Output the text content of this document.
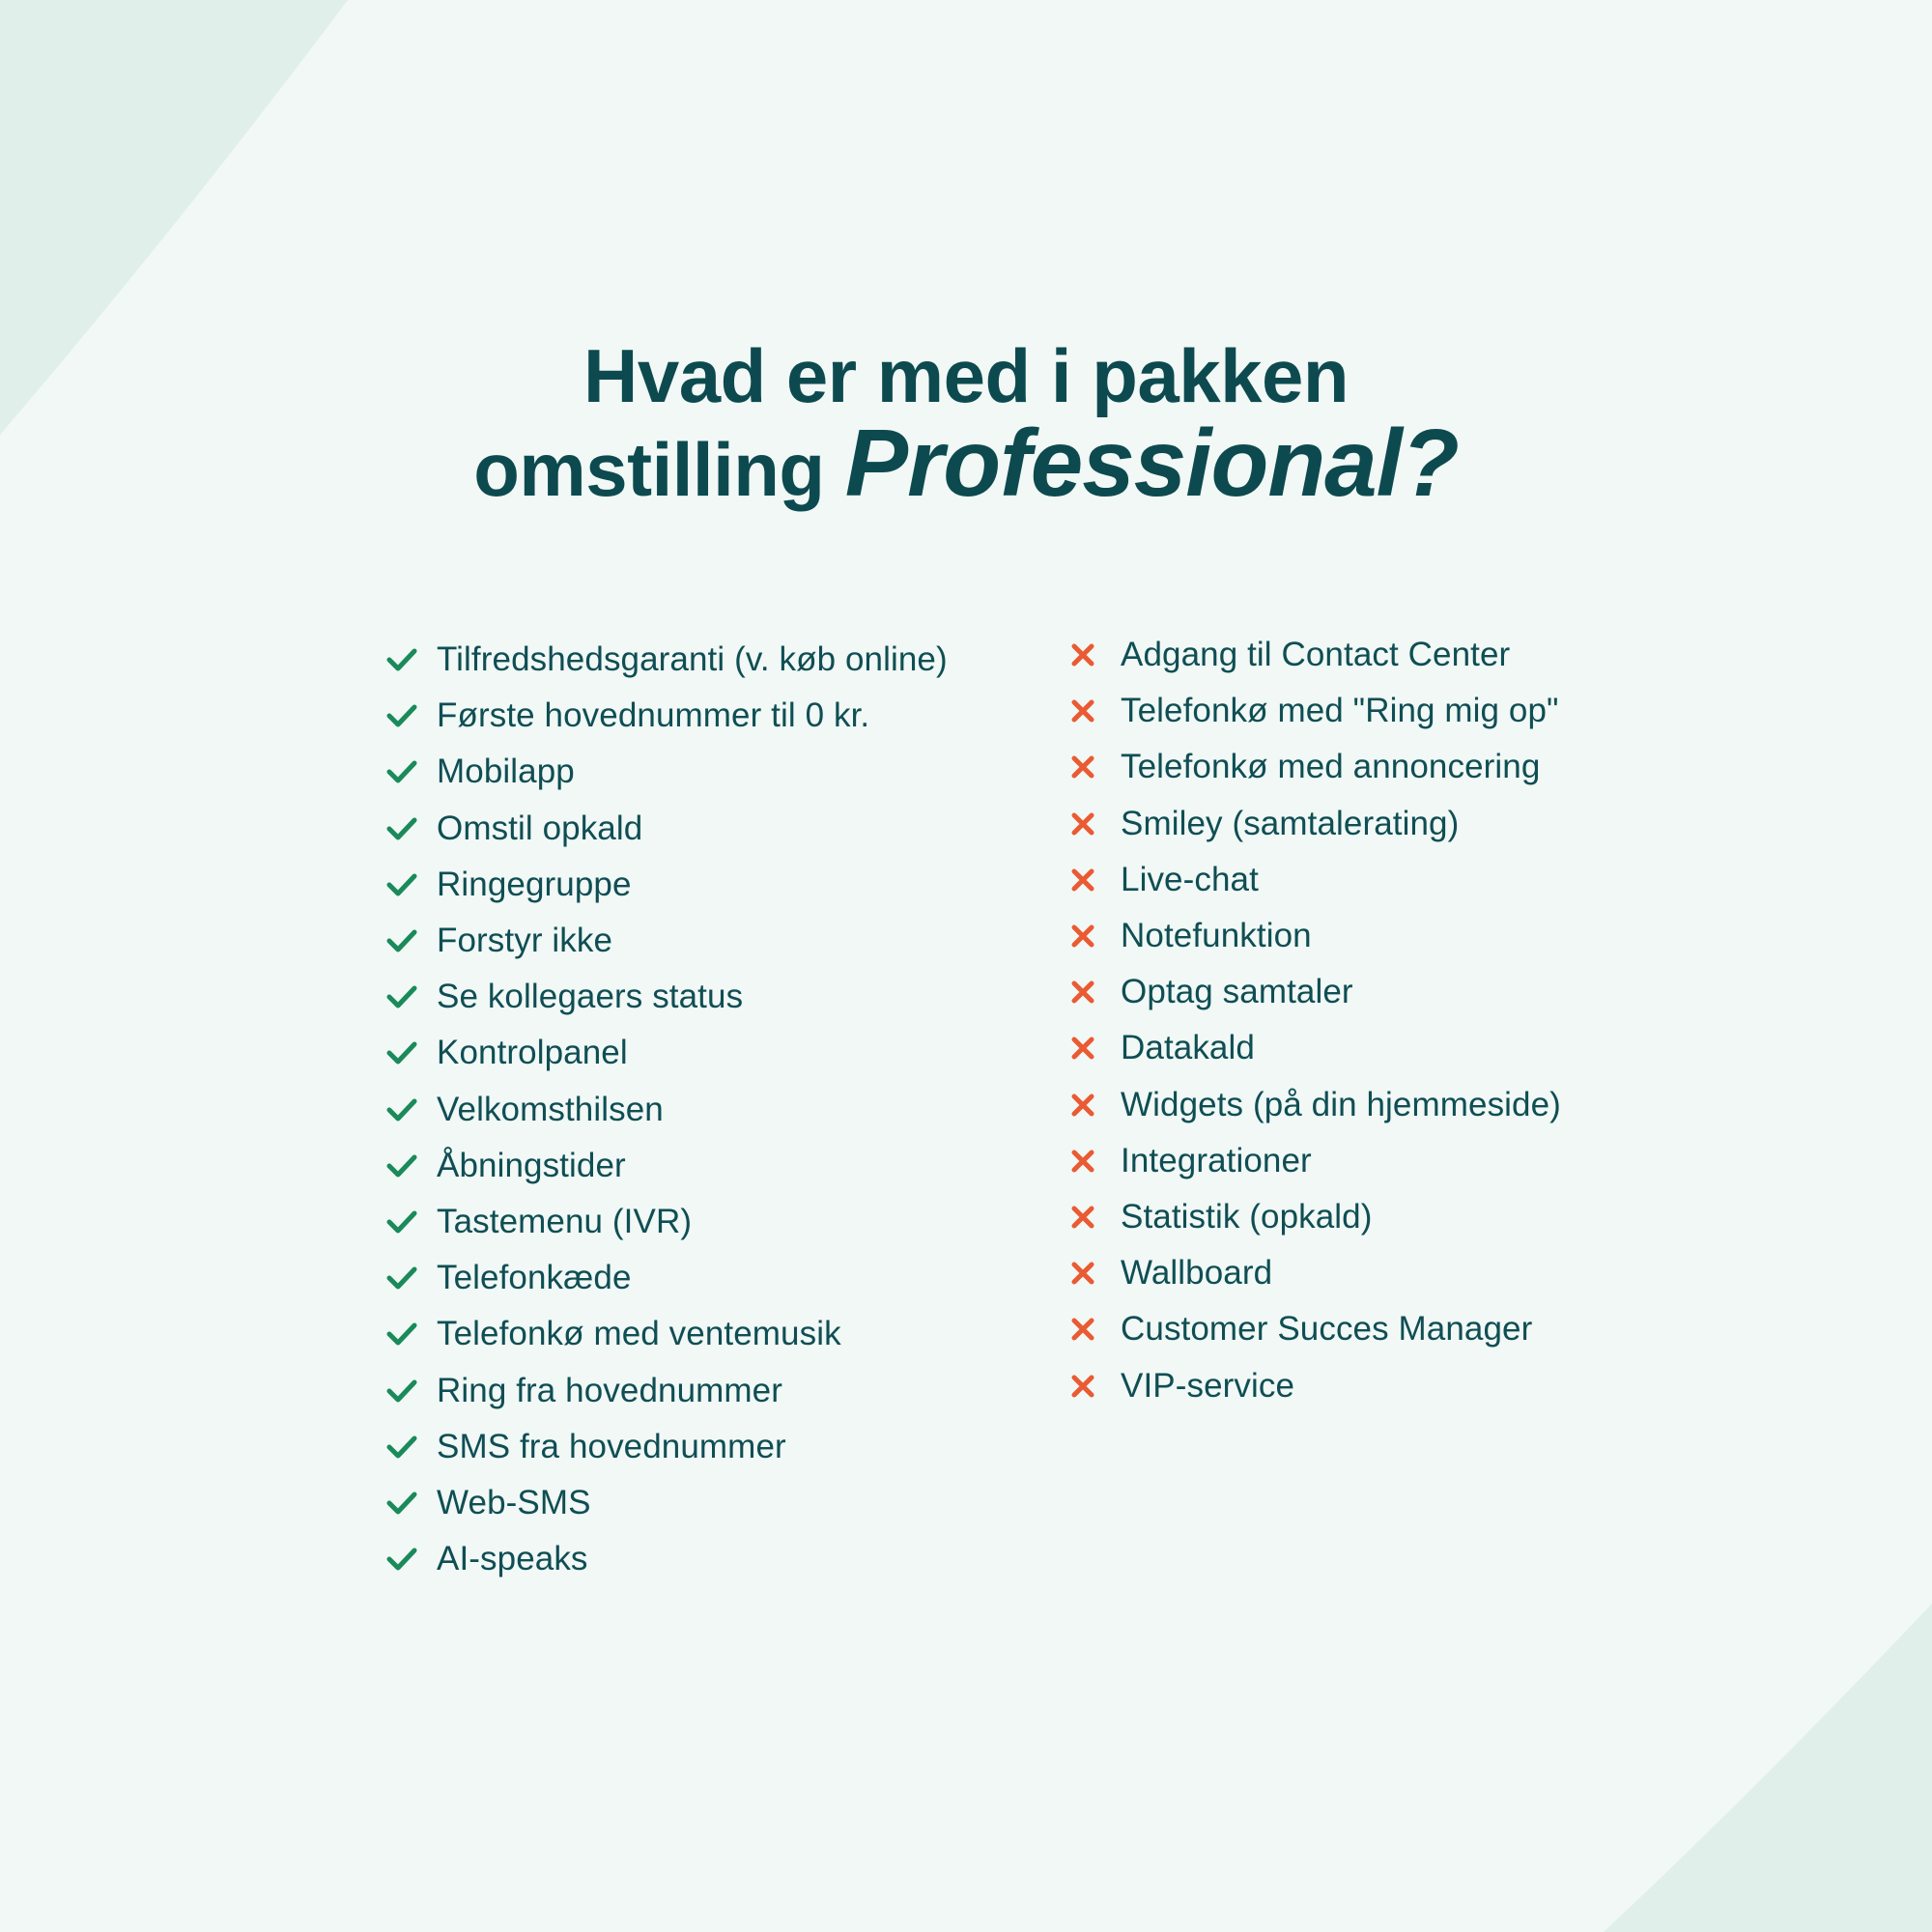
Hvad er med i pakken
omstilling Professional?
Tilfredshedsgaranti (v. køb online)
Første hovednummer til 0 kr.
Mobilapp
Omstil opkald
Ringegruppe
Forstyr ikke
Se kollegaers status
Kontrolpanel
Velkomsthilsen
Åbningstider
Tastemenu (IVR)
Telefonkæde
Telefonkø med ventemusik
Ring fra hovednummer
SMS fra hovednummer
Web-SMS
AI-speaks
Adgang til Contact Center
Telefonkø med "Ring mig op"
Telefonkø med annoncering
Smiley (samtalerating)
Live-chat
Notefunktion
Optag samtaler
Datakald
Widgets (på din hjemmeside)
Integrationer
Statistik (opkald)
Wallboard
Customer Succes Manager
VIP-service
